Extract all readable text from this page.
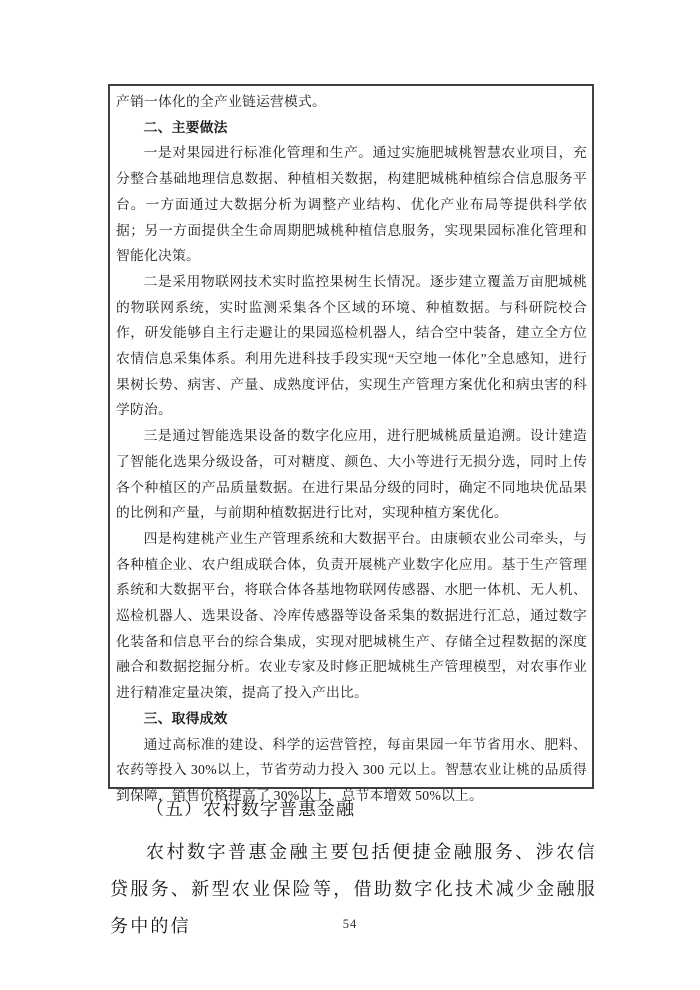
产销一体化的全产业链运营模式。

二、主要做法

一是对果园进行标准化管理和生产。通过实施肥城桃智慧农业项目，充分整合基础地理信息数据、种植相关数据，构建肥城桃种植综合信息服务平台。一方面通过大数据分析为调整产业结构、优化产业布局等提供科学依据；另一方面提供全生命周期肥城桃种植信息服务，实现果园标准化管理和智能化决策。

二是采用物联网技术实时监控果树生长情况。逐步建立覆盖万亩肥城桃的物联网系统，实时监测采集各个区域的环境、种植数据。与科研院校合作，研发能够自主行走避让的果园巡检机器人，结合空中装备，建立全方位农情信息采集体系。利用先进科技手段实现“天空地一体化”全息感知，进行果树长势、病害、产量、成熟度评估，实现生产管理方案优化和病虫害的科学防治。

三是通过智能选果设备的数字化应用，进行肥城桃质量追溯。设计建造了智能化选果分级设备，可对糖度、颜色、大小等进行无损分选，同时上传各个种植区的产品质量数据。在进行果品分级的同时，确定不同地块优品果的比例和产量，与前期种植数据进行比对，实现种植方案优化。

四是构建桃产业生产管理系统和大数据平台。由康顿农业公司牵头，与各种植企业、农户组成联合体，负责开展桃产业数字化应用。基于生产管理系统和大数据平台，将联合体各基地物联网传感器、水肥一体机、无人机、巡检机器人、选果设备、冷库传感器等设备采集的数据进行汇总，通过数字化装备和信息平台的综合集成，实现对肥城桃生产、存储全过程数据的深度融合和数据挖掘分析。农业专家及时修正肥城桃生产管理模型，对农事作业进行精准定量决策，提高了投入产出比。

三、取得成效

通过高标准的建设、科学的运营管控，每亩果园一年节省用水、肥料、农药等投入 30%以上，节省劳动力投入 300 元以上。智慧农业让桃的品质得到保障，销售价格提高了 30%以上，总节本增效 50%以上。

（五）农村数字普惠金融

农村数字普惠金融主要包括便捷金融服务、涉农信贷服务、新型农业保险等，借助数字化技术减少金融服务中的信	54
